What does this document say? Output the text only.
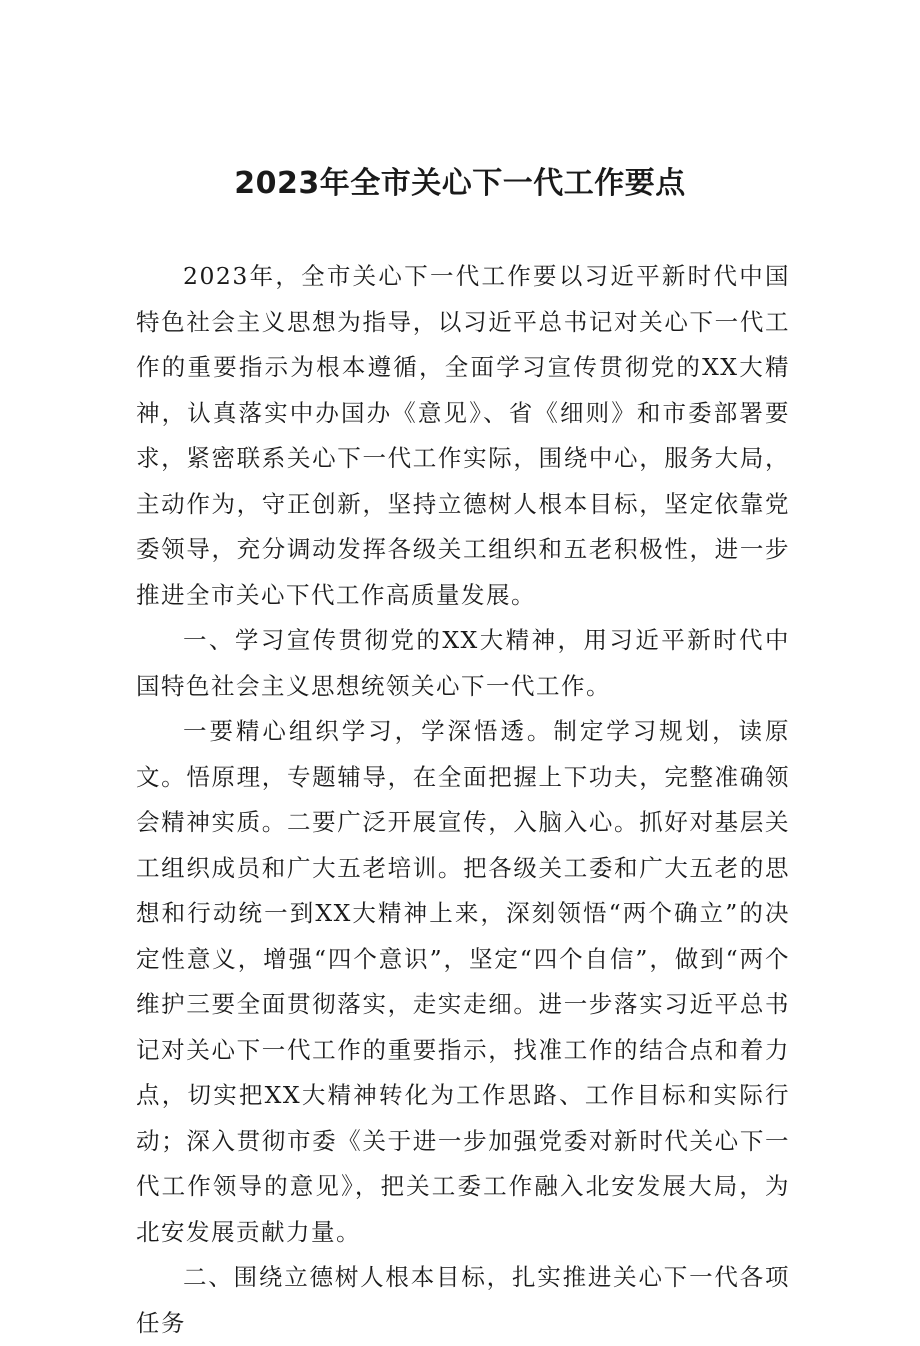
2023年全市关心下一代工作要点

2023年，全市关心下一代工作要以习近平新时代中国特色社会主义思想为指导，以习近平总书记对关心下一代工作的重要指示为根本遵循，全面学习宣传贯彻党的XX大精神，认真落实中办国办《意见》、省《细则》和市委部署要求，紧密联系关心下一代工作实际，围绕中心，服务大局，主动作为，守正创新，坚持立德树人根本目标，坚定依靠党委领导，充分调动发挥各级关工组织和五老积极性，进一步推进全市关心下代工作高质量发展。

一、学习宣传贯彻党的XX大精神，用习近平新时代中国特色社会主义思想统领关心下一代工作。

一要精心组织学习，学深悟透。制定学习规划，读原文。悟原理，专题辅导，在全面把握上下功夫，完整准确领会精神实质。二要广泛开展宣传，入脑入心。抓好对基层关工组织成员和广大五老培训。把各级关工委和广大五老的思想和行动统一到XX大精神上来，深刻领悟“两个确立”的决定性意义，增强“四个意识”，坚定“四个自信”，做到“两个维护三要全面贯彻落实，走实走细。进一步落实习近平总书记对关心下一代工作的重要指示，找准工作的结合点和着力点，切实把XX大精神转化为工作思路、工作目标和实际行动；深入贯彻市委《关于进一步加强党委对新时代关心下一代工作领导的意见》，把关工委工作融入北安发展大局，为北安发展贡献力量。

二、围绕立德树人根本目标，扎实推进关心下一代各项任务
